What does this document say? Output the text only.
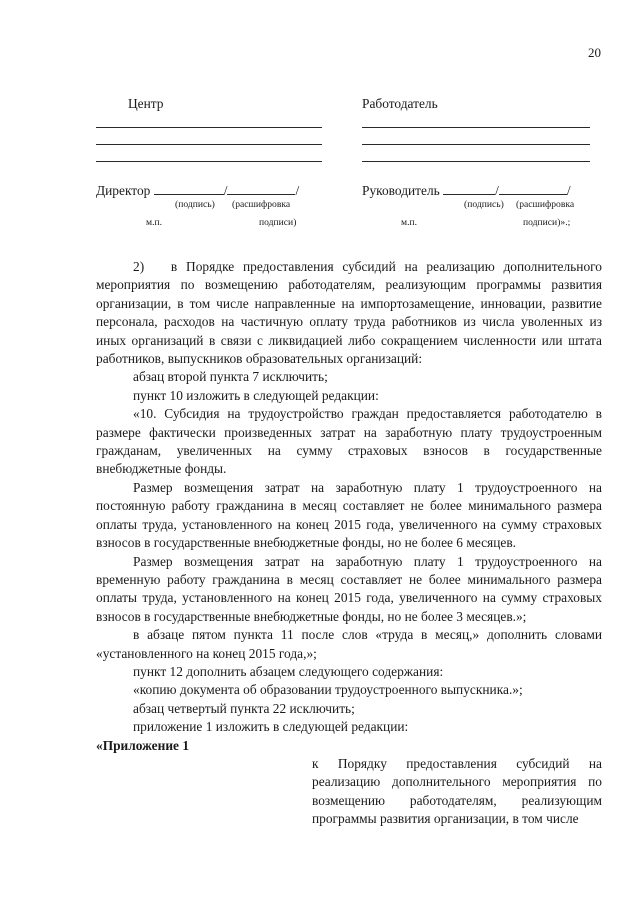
20
Центр
Директор	/	/
(подпись) (расшифровка
м.п.	подписи)
Работодатель
Руководитель	/	/
(подпись) (расшифровка
м.п.	подписи)».;

2)  в Порядке предоставления субсидий на реализацию дополнительного мероприятия по возмещению работодателям, реализующим программы развития организации, в том числе направленные на импортозамещение, инновации, развитие персонала, расходов на частичную оплату труда работников из числа уволенных из иных организаций в связи с ликвидацией либо сокращением численности или штата работников, выпускников образовательных организаций:

абзац второй пункта 7 исключить;

пункт 10 изложить в следующей редакции:

«10. Субсидия на трудоустройство граждан предоставляется работодателю в размере фактически произведенных затрат на заработную плату трудоустроенным гражданам, увеличенных на сумму страховых взносов в государственные внебюджетные фонды.

Размер возмещения затрат на заработную плату 1 трудоустроенного на постоянную работу гражданина в месяц составляет не более минимального размера оплаты труда, установленного на конец 2015 года, увеличенного на сумму страховых взносов в государственные внебюджетные фонды, но не более 6 месяцев.

Размер возмещения затрат на заработную плату 1 трудоустроенного на временную работу гражданина в месяц составляет не более минимального размера оплаты труда, установленного на конец 2015 года, увеличенного на сумму страховых взносов в государственные внебюджетные фонды, но не более 3 месяцев.»;

в абзаце пятом пункта 11 после слов «труда в месяц,» дополнить словами «установленного на конец 2015 года,»;

пункт 12 дополнить абзацем следующего содержания:

«копию документа об образовании трудоустроенного выпускника.»;

абзац четвертый пункта 22 исключить;

приложение 1 изложить в следующей редакции:

«Приложение 1

к Порядку предоставления субсидий на реализацию дополнительного мероприятия по возмещению работодателям, реализующим программы развития организации, в том числе
